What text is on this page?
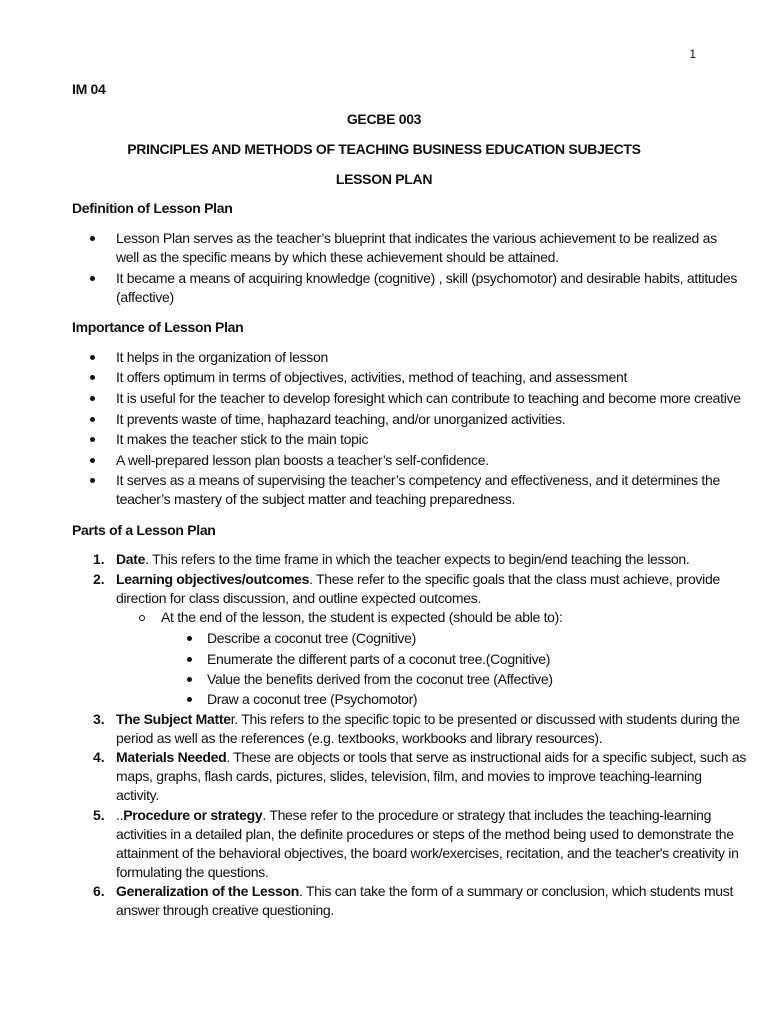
1
IM 04
GECBE 003
PRINCIPLES AND METHODS OF TEACHING BUSINESS EDUCATION SUBJECTS
LESSON PLAN
Definition of Lesson Plan
Lesson Plan serves as the teacher’s blueprint that indicates the various achievement to be realized as
well as the specific means by which these achievement should be attained.
It became a means of acquiring knowledge (cognitive) , skill (psychomotor) and desirable habits, attitudes
(affective)
Importance of Lesson Plan
It helps in the organization of lesson
It offers optimum in terms of objectives, activities, method of teaching, and assessment
It is useful for the teacher to develop foresight which can contribute to teaching and become more creative
It prevents waste of time, haphazard teaching, and/or unorganized activities.
It makes the teacher stick to the main topic
A well-prepared lesson plan boosts a teacher’s self-confidence.
It serves as a means of supervising the teacher’s competency and effectiveness, and it determines the
teacher’s mastery of the subject matter and teaching preparedness.
Parts of a Lesson Plan
1. Date. This refers to the time frame in which the teacher expects to begin/end teaching the lesson.
2. Learning objectives/outcomes. These refer to the specific goals that the class must achieve, provide
direction for class discussion, and outline expected outcomes.
At the end of the lesson, the student is expected (should be able to):
Describe a coconut tree (Cognitive)
Enumerate the different parts of a coconut tree.(Cognitive)
Value the benefits derived from the coconut tree (Affective)
Draw a coconut tree (Psychomotor)
3. The Subject Matter. This refers to the specific topic to be presented or discussed with students during the
period as well as the references (e.g. textbooks, workbooks and library resources).
4. Materials Needed. These are objects or tools that serve as instructional aids for a specific subject, such as
maps, graphs, flash cards, pictures, slides, television, film, and movies to improve teaching-learning
activity.
5. ..Procedure or strategy. These refer to the procedure or strategy that includes the teaching-learning
activities in a detailed plan, the definite procedures or steps of the method being used to demonstrate the
attainment of the behavioral objectives, the board work/exercises, recitation, and the teacher's creativity in
formulating the questions.
6. Generalization of the Lesson. This can take the form of a summary or conclusion, which students must
answer through creative questioning.
